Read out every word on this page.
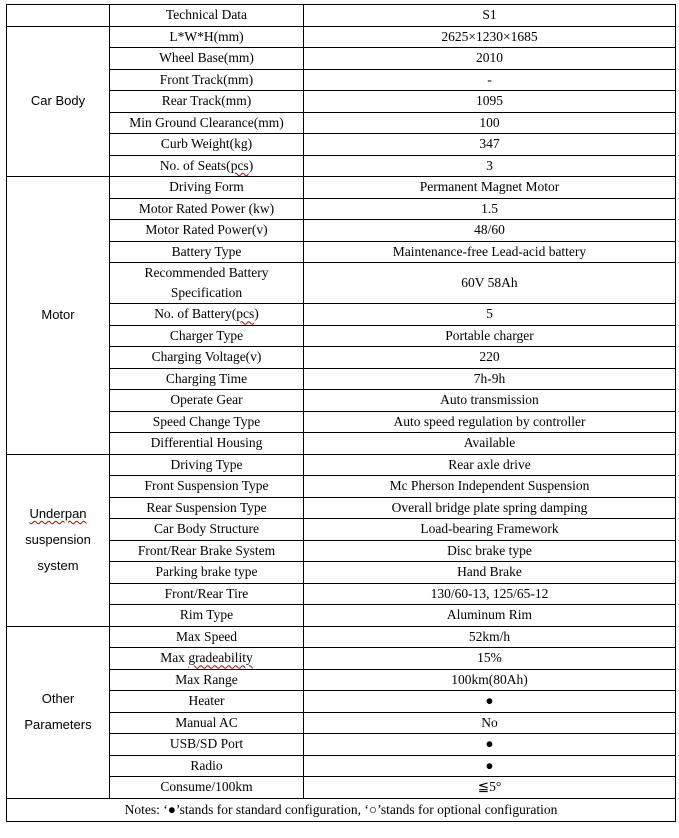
	Technical Data	S1

Car Body	L*W*H(mm)	2625×1230×1685
	Wheel Base(mm)	2010
	Front Track(mm)	-
	Rear Track(mm)	1095
	Min Ground Clearance(mm)	100
	Curb Weight(kg)	347
	No. of Seats(pcs)	3

Motor	Driving Form	Permanent Magnet Motor
	Motor Rated Power (kw)	1.5
	Motor Rated Power(v)	48/60
	Battery Type	Maintenance-free Lead-acid battery

	Recommended Battery
Specification	60V 58Ah
	No. of Battery(pcs)	5
	Charger Type	Portable charger
	Charging Voltage(v)	220
	Charging Time	7h-9h
	Operate Gear	Auto transmission
	Speed Change Type	Auto speed regulation by controller
	Differential Housing	Available

Underpan
suspension
system	Driving Type	Rear axle drive
	Front Suspension Type	Mc Pherson Independent Suspension
	Rear Suspension Type	Overall bridge plate spring damping
	Car Body Structure	Load-bearing Framework
	Front/Rear Brake System	Disc brake type
	Parking brake type	Hand Brake
	Front/Rear Tire	130/60-13, 125/65-12
	Rim Type	Aluminum Rim

Other
Parameters	Max Speed	52km/h
	Max gradeability	15%
	Max Range	100km(80Ah)
	Heater	●
	Manual AC	No
	USB/SD Port	●
	Radio	●
	Consume/100km	≦5°
Notes: ‘●’stands for standard configuration, ‘○’stands for optional configuration		
